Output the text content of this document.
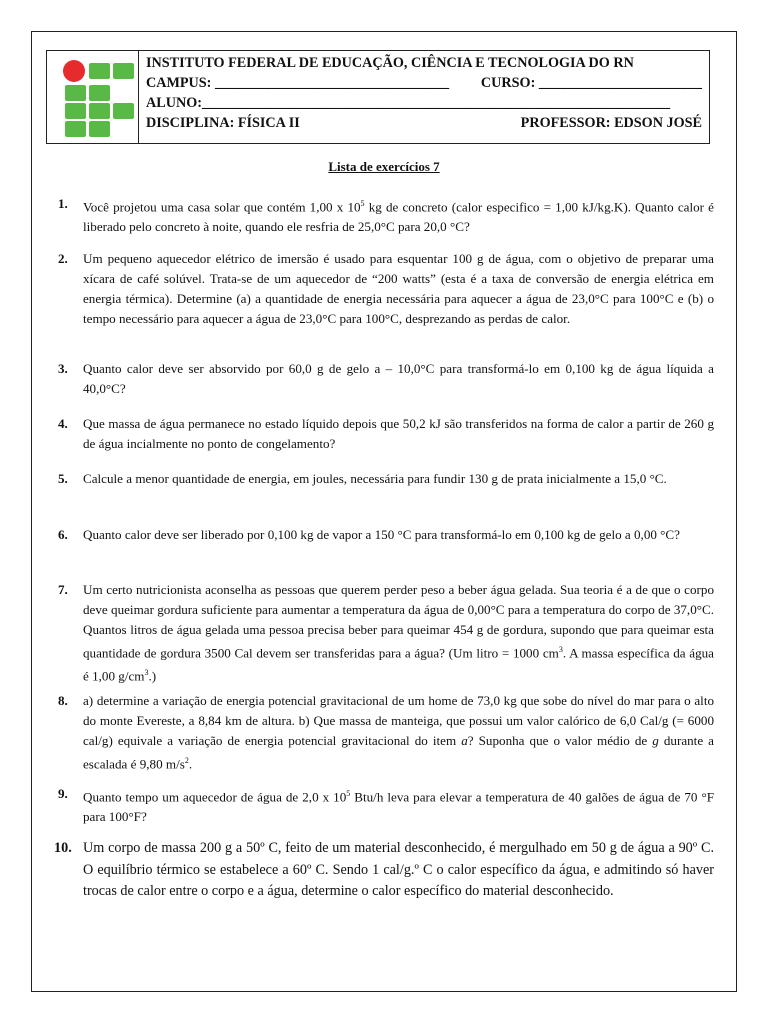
INSTITUTO FEDERAL DE EDUCAÇÃO, CIÊNCIA E TECNOLOGIA DO RN
CAMPUS: _________________________________ CURSO: _______________________
ALUNO:__________________________________________________________________
DISCIPLINA: FÍSICA II	PROFESSOR: EDSON JOSÉ
Lista de exercícios 7
1. Você projetou uma casa solar que contém 1,00 x $10^5$ kg de concreto (calor especifico = 1,00 kJ/kg.K). Quanto calor é liberado pelo concreto à noite, quando ele resfria de 25,0°C para 20,0 °C?
2. Um pequeno aquecedor elétrico de imersão é usado para esquentar 100 g de água, com o objetivo de preparar uma xícara de café solúvel. Trata-se de um aquecedor de “200 watts” (esta é a taxa de conversão de energia elétrica em energia térmica). Determine (a) a quantidade de energia necessária para aquecer a água de 23,0°C para 100°C e (b) o tempo necessário para aquecer a água de 23,0°C para 100°C, desprezando as perdas de calor.
3. Quanto calor deve ser absorvido por 60,0 g de gelo a – 10,0°C para transformá-lo em 0,100 kg de água líquida a 40,0°C?
4. Que massa de água permanece no estado líquido depois que 50,2 kJ são transferidos na forma de calor a partir de 260 g de água incialmente no ponto de congelamento?
5. Calcule a menor quantidade de energia, em joules, necessária para fundir 130 g de prata inicialmente a 15,0 °C.
6. Quanto calor deve ser liberado por 0,100 kg de vapor a 150 °C para transformá-lo em 0,100 kg de gelo a 0,00 °C?
7. Um certo nutricionista aconselha as pessoas que querem perder peso a beber água gelada. Sua teoria é a de que o corpo deve queimar gordura suficiente para aumentar a temperatura da água de 0,00°C para a temperatura do corpo de 37,0°C. Quantos litros de água gelada uma pessoa precisa beber para queimar 454 g de gordura, supondo que para queimar esta quantidade de gordura 3500 Cal devem ser transferidas para a água? (Um litro = 1000 $cm^3$. A massa específica da água é 1,00 $g/cm^3$.)
8. a) determine a variação de energia potencial gravitacional de um home de 73,0 kg que sobe do nível do mar para o alto do monte Evereste, a 8,84 km de altura. b) Que massa de manteiga, que possui um valor calórico de 6,0 Cal/g (= 6000 cal/g) equivale a variação de energia potencial gravitacional do item a? Suponha que o valor médio de g durante a escalada é 9,80 $m/s^2$.
9. Quanto tempo um aquecedor de água de 2,0 x $10^5$ Btu/h leva para elevar a temperatura de 40 galões de água de 70 °F para 100°F?
10. Um corpo de massa 200 g a 50º C, feito de um material desconhecido, é mergulhado em 50 g de água a 90º C. O equilíbrio térmico se estabelece a 60º C. Sendo 1 cal/g.º C o calor específico da água, e admitindo só haver trocas de calor entre o corpo e a água, determine o calor específico do material desconhecido.
